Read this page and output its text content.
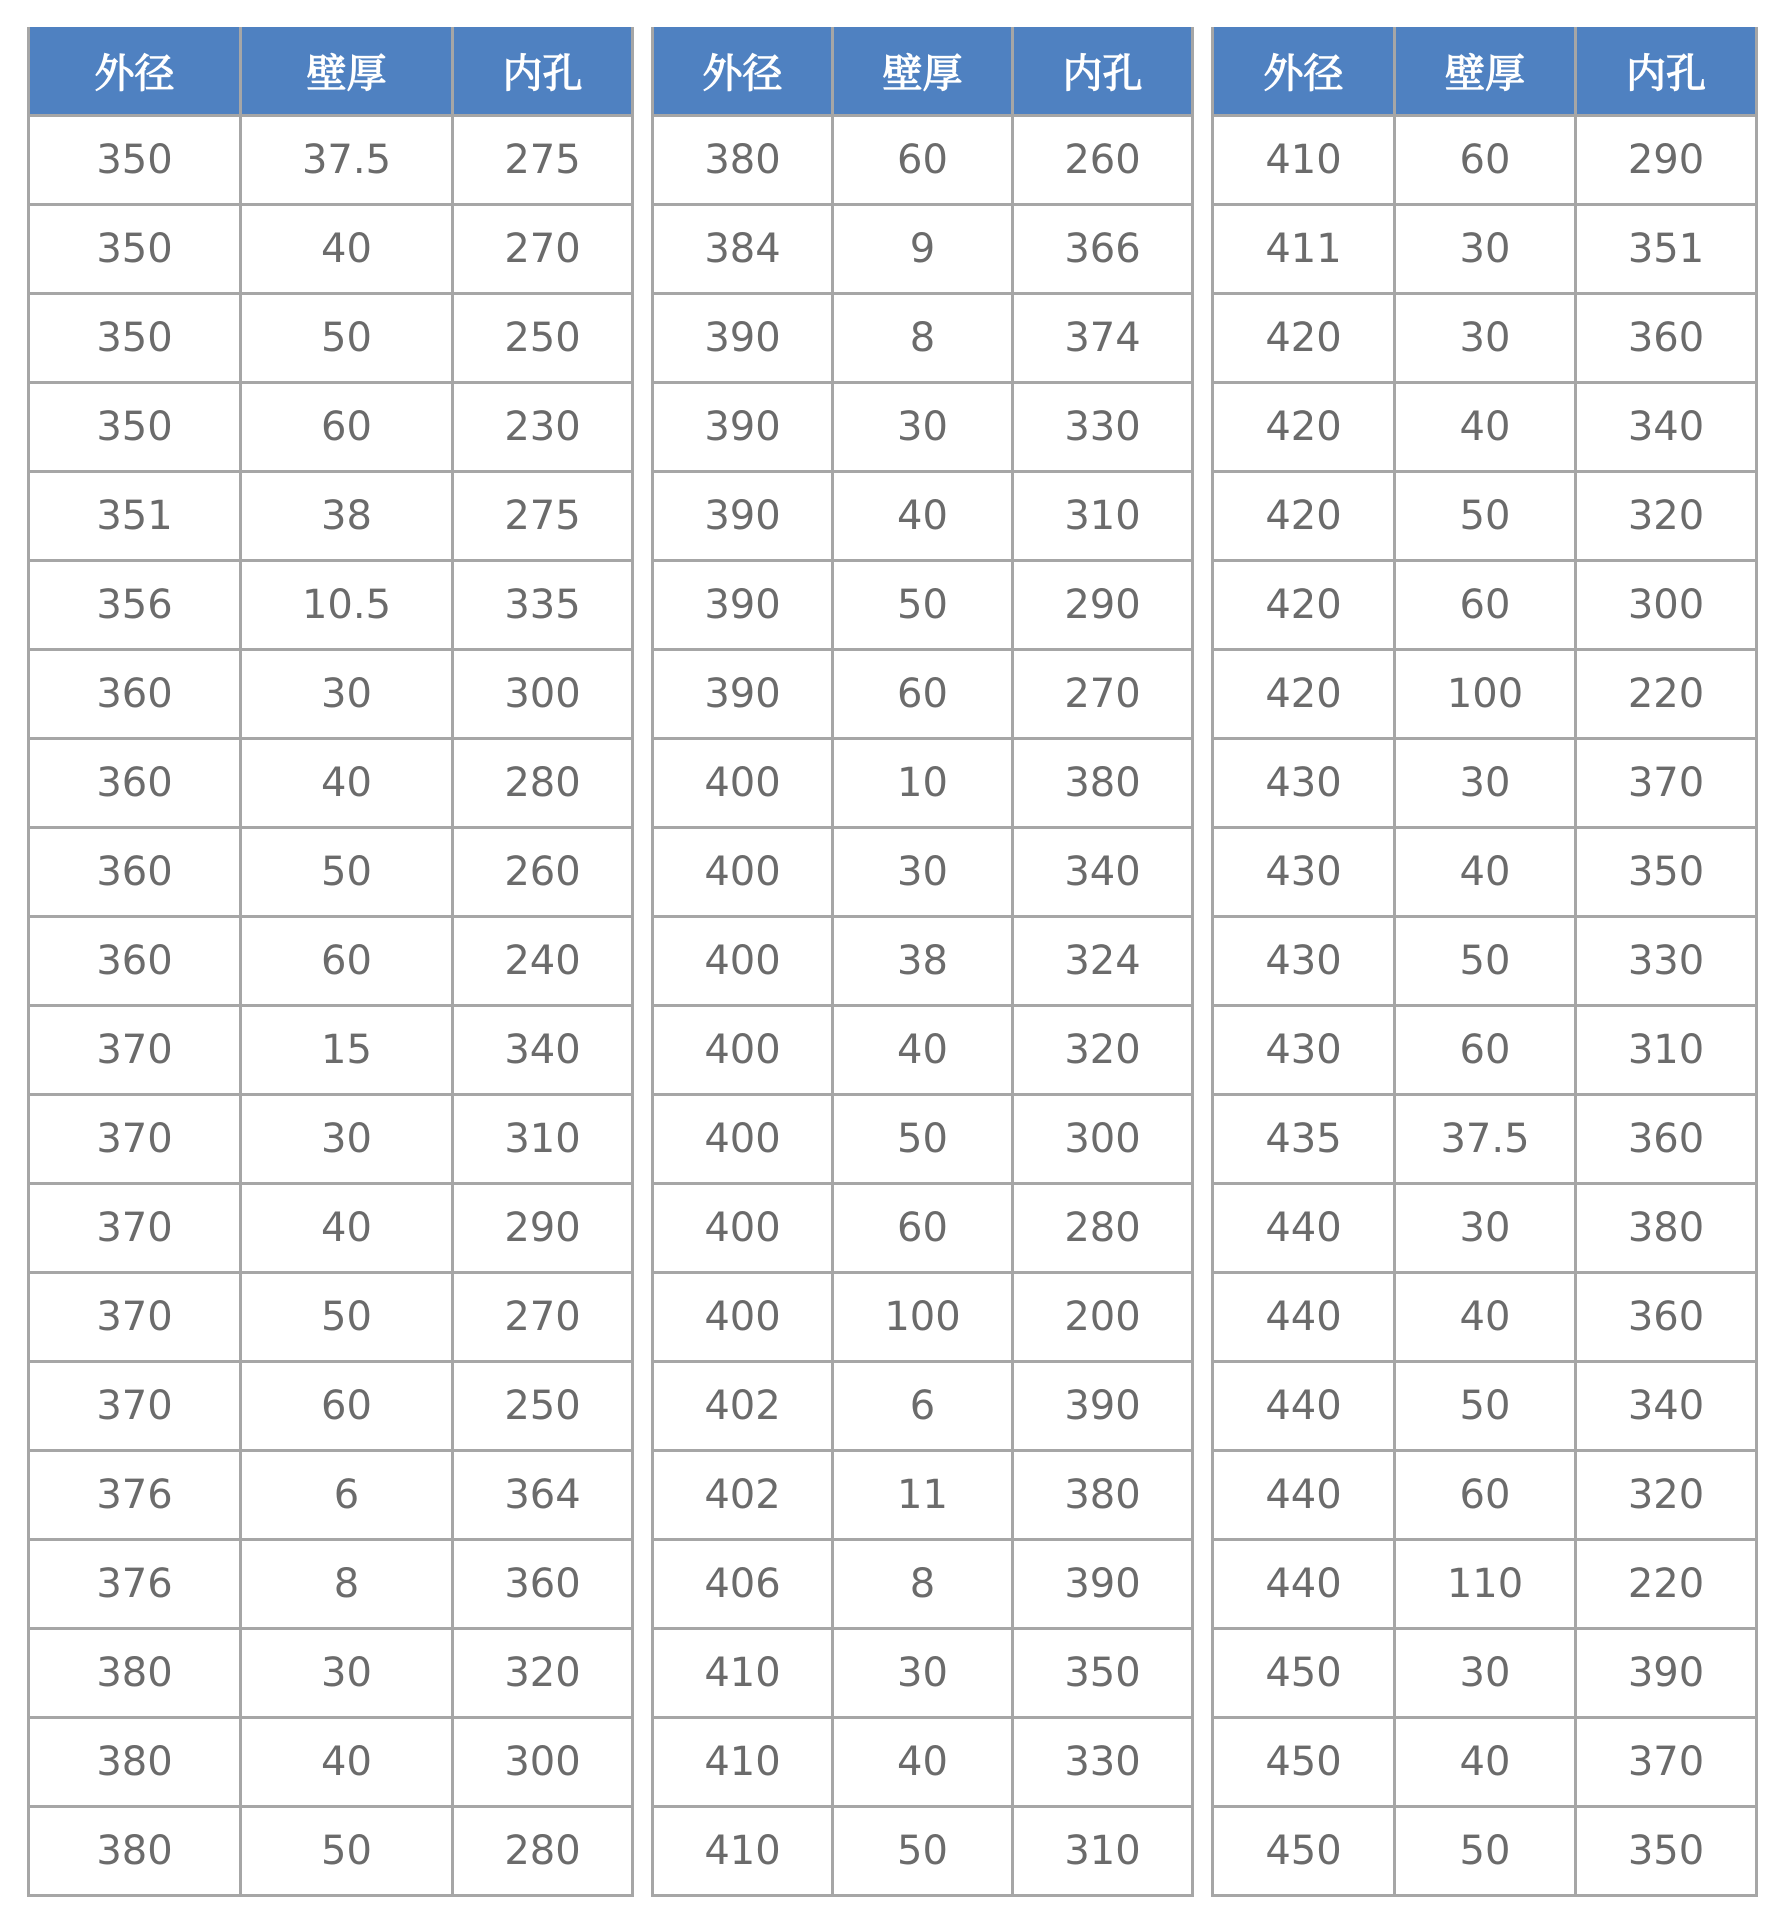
外径	壁厚	内孔
350	37.5	275
350	40	270
350	50	250
350	60	230
351	38	275
356	10.5	335
360	30	300
360	40	280
360	50	260
360	60	240
370	15	340
370	30	310
370	40	290
370	50	270
370	60	250
376	6	364
376	8	360
380	30	320
380	40	300
380	50	280
外径	壁厚	内孔
380	60	260
384	9	366
390	8	374
390	30	330
390	40	310
390	50	290
390	60	270
400	10	380
400	30	340
400	38	324
400	40	320
400	50	300
400	60	280
400	100	200
402	6	390
402	11	380
406	8	390
410	30	350
410	40	330
410	50	310
外径	壁厚	内孔
410	60	290
411	30	351
420	30	360
420	40	340
420	50	320
420	60	300
420	100	220
430	30	370
430	40	350
430	50	330
430	60	310
435	37.5	360
440	30	380
440	40	360
440	50	340
440	60	320
440	110	220
450	30	390
450	40	370
450	50	350
